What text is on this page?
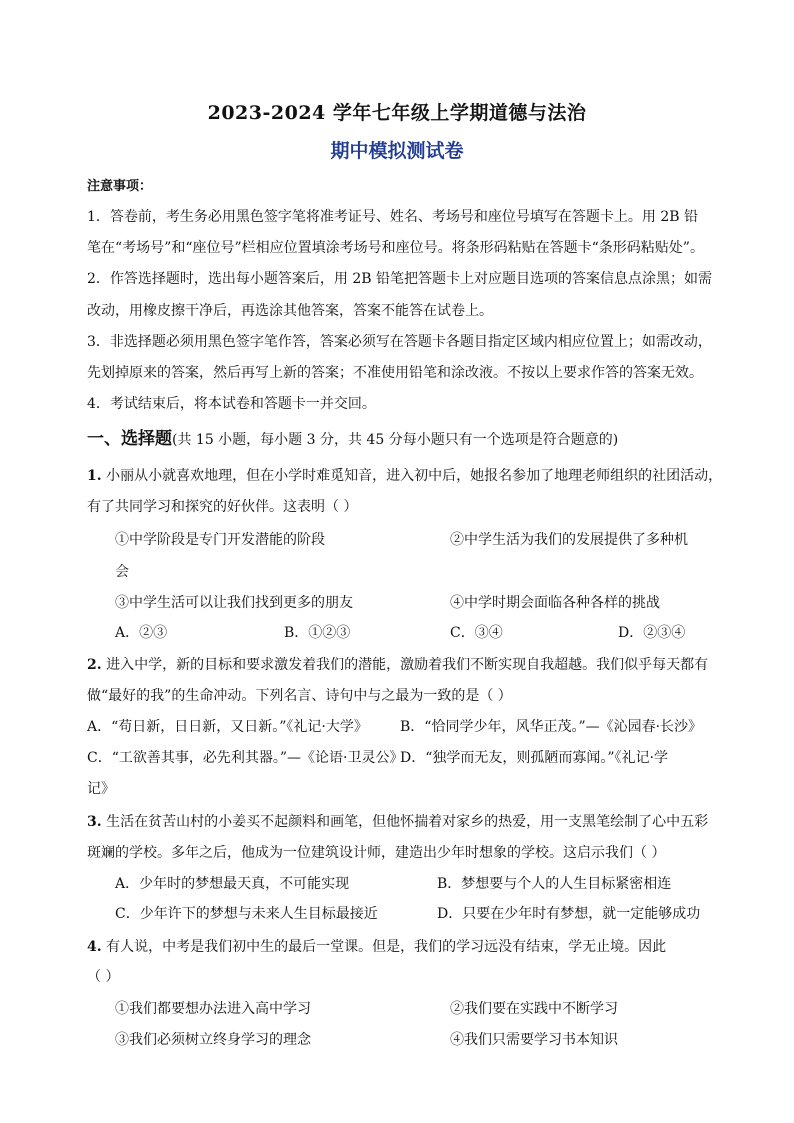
2023-2024 学年七年级上学期道德与法治
期中模拟测试卷
注意事项：
1．答卷前，考生务必用黑色签字笔将准考证号、姓名、考场号和座位号填写在答题卡上。用 2B 铅
笔在“考场号”和“座位号”栏相应位置填涂考场号和座位号。将条形码粘贴在答题卡“条形码粘贴处”。
2．作答选择题时，选出每小题答案后，用 2B 铅笔把答题卡上对应题目选项的答案信息点涂黑；如需
改动，用橡皮擦干净后，再选涂其他答案，答案不能答在试卷上。
3．非选择题必须用黑色签字笔作答，答案必须写在答题卡各题目指定区域内相应位置上；如需改动，
先划掉原来的答案，然后再写上新的答案；不准使用铅笔和涂改液。不按以上要求作答的答案无效。
4．考试结束后，将本试卷和答题卡一并交回。
一、选择题(共 15 小题，每小题 3 分，共 45 分每小题只有一个选项是符合题意的)
1. 小丽从小就喜欢地理，但在小学时难觅知音，进入初中后，她报名参加了地理老师组织的社团活动，
有了共同学习和探究的好伙伴。这表明（ ）
①中学阶段是专门开发潜能的阶段	②中学生活为我们的发展提供了多种机
会
③中学生活可以让我们找到更多的朋友	④中学时期会面临各种各样的挑战
A．②③	B．①②③	C．③④	D．②③④
2. 进入中学，新的目标和要求激发着我们的潜能，激励着我们不断实现自我超越。我们似乎每天都有
做“最好的我”的生命冲动。下列名言、诗句中与之最为一致的是（ ）
A．“苟日新，日日新，又日新。”《礼记·大学》 B．“恰同学少年，风华正茂。”—《沁园春·长沙》
C．“工欲善其事，必先利其器。”—《论语·卫灵公》
D．“独学而无友，则孤陋而寡闻。”《礼记·学
记》
3. 生活在贫苦山村的小姜买不起颜料和画笔，但他怀揣着对家乡的热爱，用一支黑笔绘制了心中五彩
斑斓的学校。多年之后，他成为一位建筑设计师，建造出少年时想象的学校。这启示我们（ ）
A．少年时的梦想最天真，不可能实现	B．梦想要与个人的人生目标紧密相连
C．少年许下的梦想与未来人生目标最接近	D．只要在少年时有梦想，就一定能够成功
4. 有人说，中考是我们初中生的最后一堂课。但是，我们的学习远没有结束，学无止境。因此
（ ）
①我们都要想办法进入高中学习	②我们要在实践中不断学习
③我们必须树立终身学习的理念	④我们只需要学习书本知识
